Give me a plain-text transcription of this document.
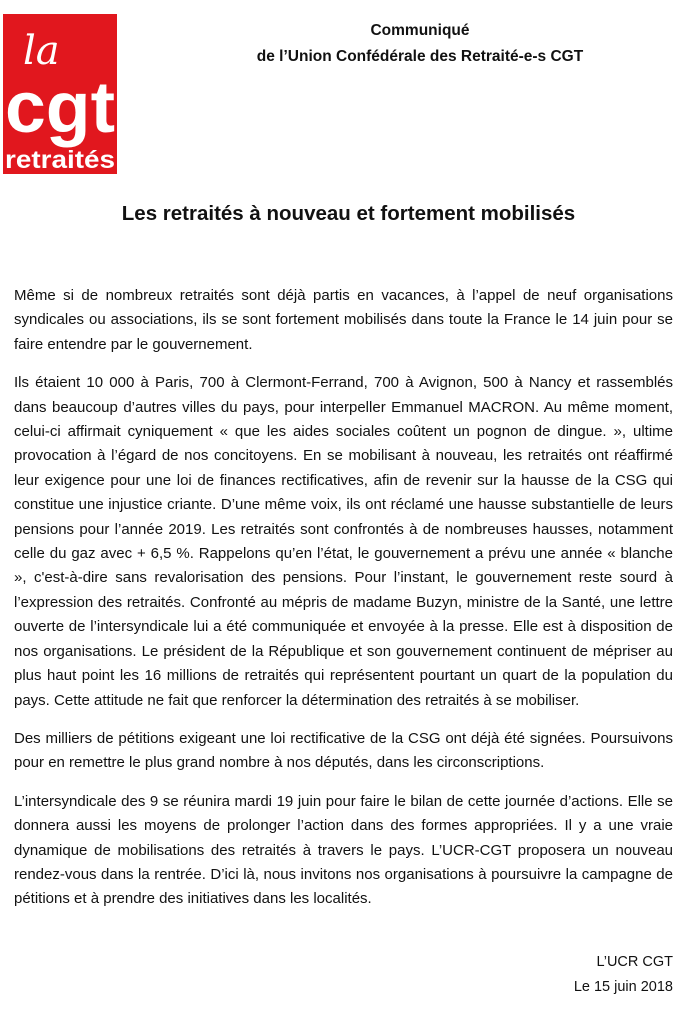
la
cgt
retraités
Communiqué
de l’Union Confédérale des Retraité-e-s CGT
Les retraités à nouveau et fortement mobilisés

Même si de nombreux retraités sont déjà partis en vacances, à l’appel de neuf organisations syndicales ou associations, ils se sont fortement mobilisés dans toute la France le 14 juin pour se faire entendre par le gouvernement.

Ils étaient 10 000 à Paris, 700 à Clermont-Ferrand, 700 à Avignon, 500 à Nancy et rassemblés dans beaucoup d’autres villes du pays, pour interpeller Emmanuel MACRON. Au même moment, celui-ci affirmait cyniquement « que les aides sociales coûtent un pognon de dingue. », ultime provocation à l’égard de nos concitoyens. En se mobilisant à nouveau, les retraités ont réaffirmé leur exigence pour une loi de finances rectificatives, afin de revenir sur la hausse de la CSG qui constitue une injustice criante. D’une même voix, ils ont réclamé une hausse substantielle de leurs pensions pour l’année 2019. Les retraités sont confrontés à de nombreuses hausses, notamment celle du gaz avec + 6,5 %. Rappelons qu’en l’état, le gouvernement a prévu une année « blanche », c'est-à-dire sans revalorisation des pensions. Pour l’instant, le gouvernement reste sourd à l’expression des retraités. Confronté au mépris de madame Buzyn, ministre de la Santé, une lettre ouverte de l’intersyndicale lui a été communiquée et envoyée à la presse. Elle est à disposition de nos organisations. Le président de la République et son gouvernement continuent de mépriser au plus haut point les 16 millions de retraités qui représentent pourtant un quart de la population du pays. Cette attitude ne fait que renforcer la détermination des retraités à se mobiliser.

Des milliers de pétitions exigeant une loi rectificative de la CSG ont déjà été signées. Poursuivons pour en remettre le plus grand nombre à nos députés, dans les circonscriptions.

L’intersyndicale des 9 se réunira mardi 19 juin pour faire le bilan de cette journée d’actions. Elle se donnera aussi les moyens de prolonger l’action dans des formes appropriées. Il y a une vraie dynamique de mobilisations des retraités à travers le pays. L’UCR-CGT proposera un nouveau rendez-vous dans la rentrée. D’ici là, nous invitons nos organisations à poursuivre la campagne de pétitions et à prendre des initiatives dans les localités.

L’UCR CGT
Le 15 juin 2018
